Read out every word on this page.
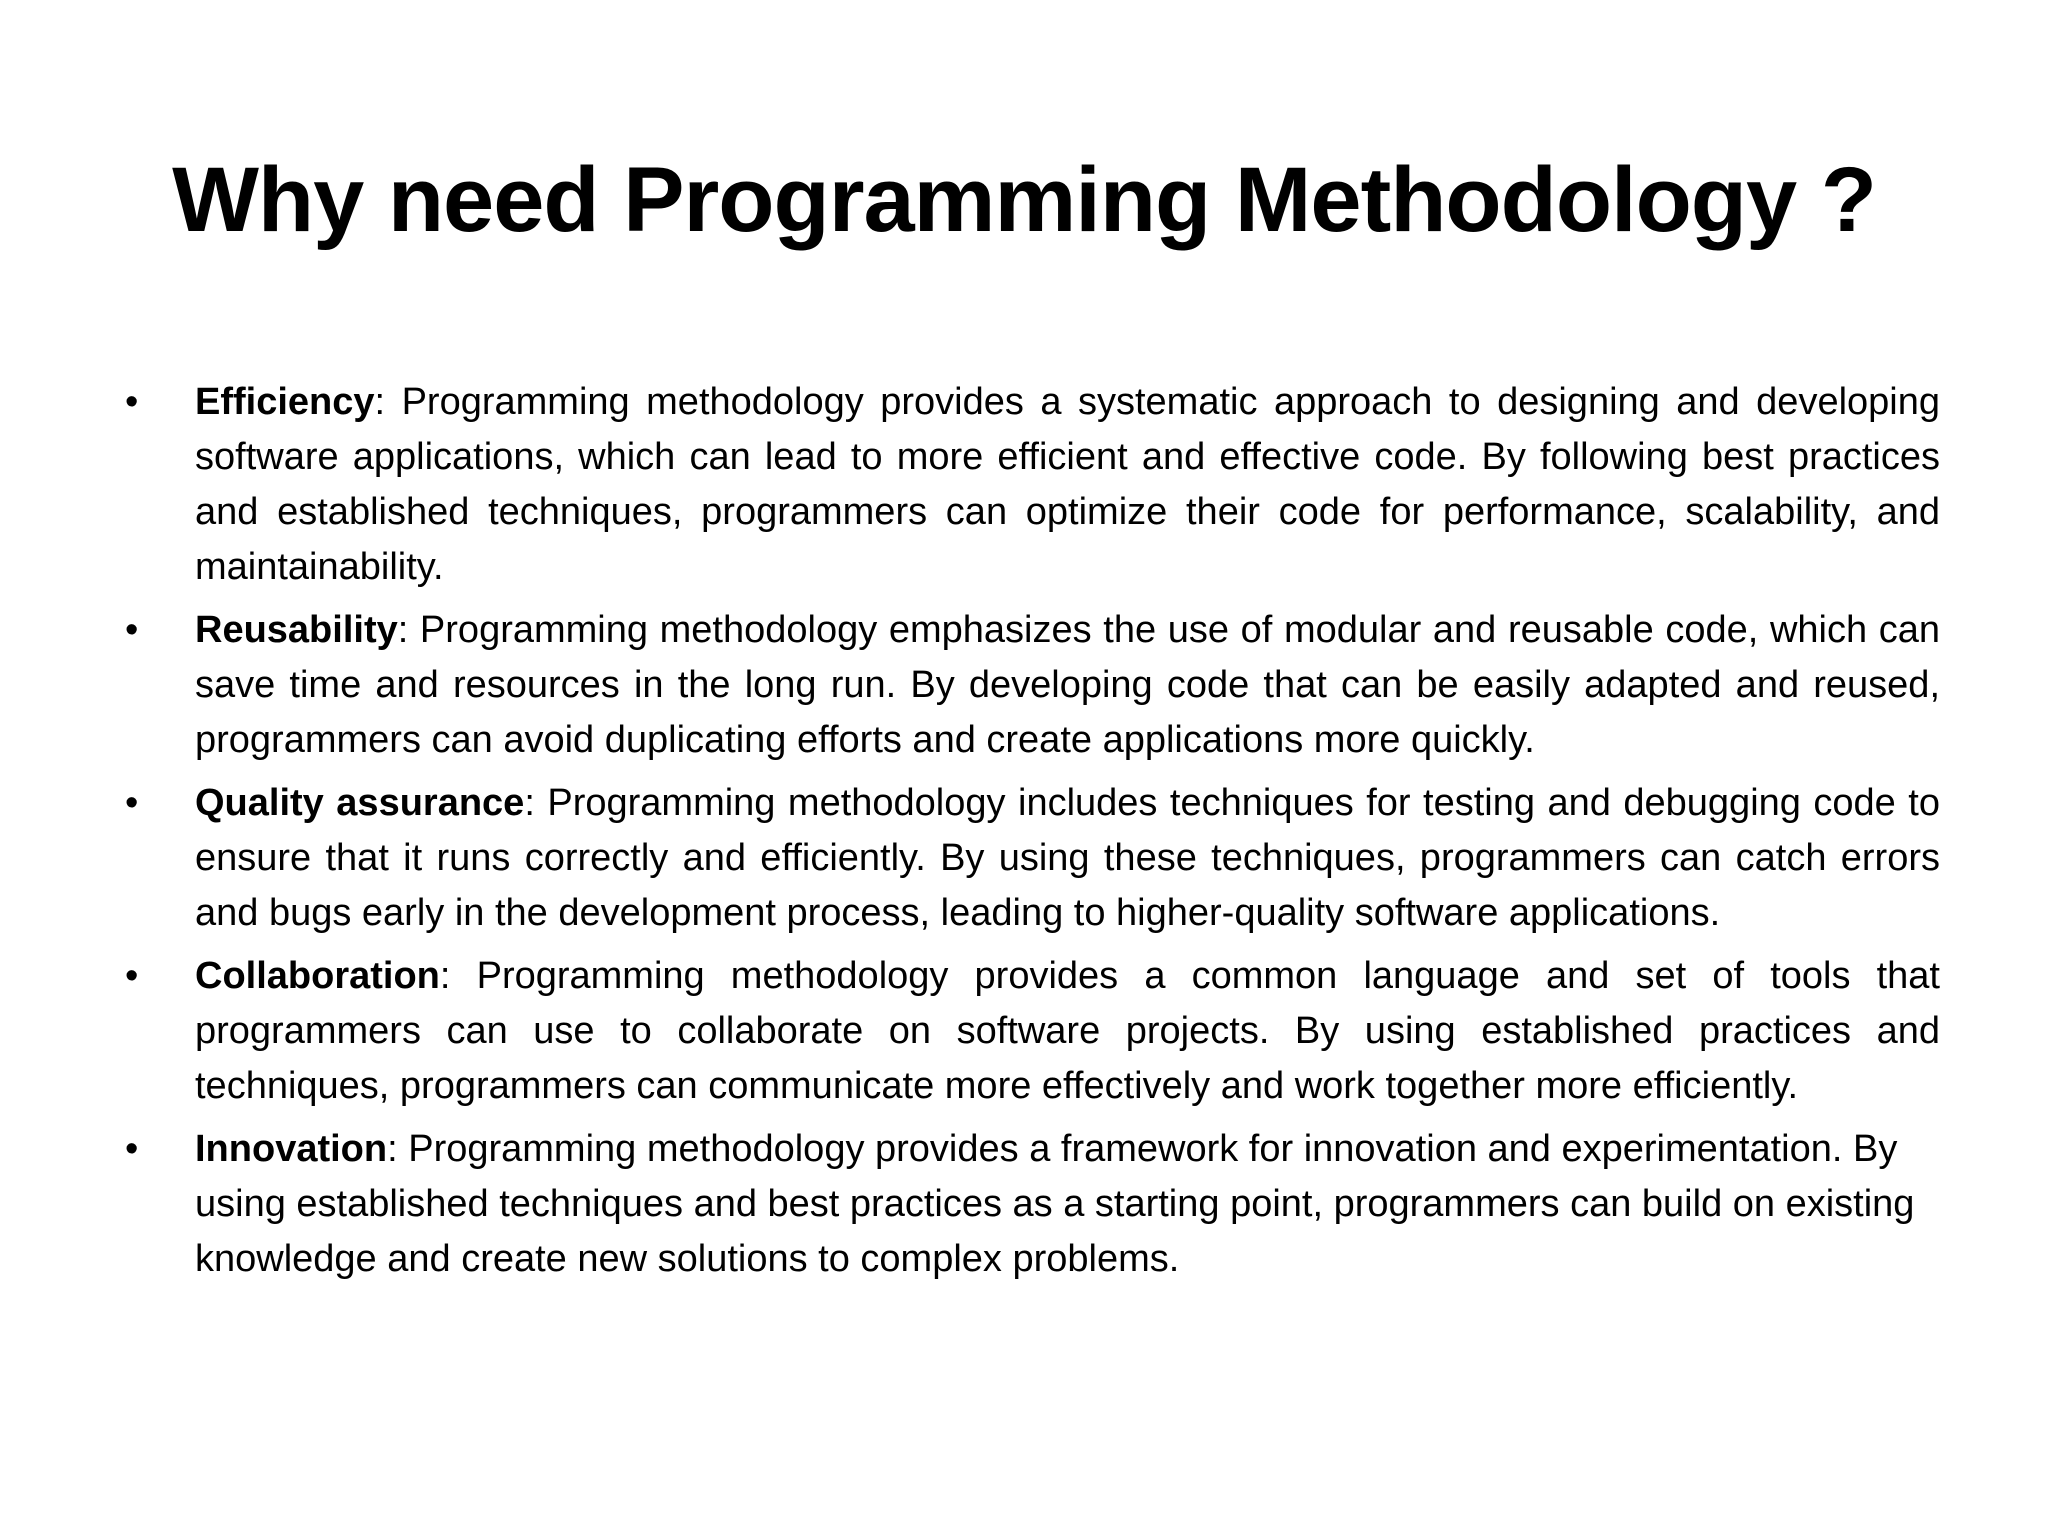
Why need Programming Methodology ?
• Efficiency: Programming methodology provides a systematic approach to designing and developing software applications, which can lead to more efficient and effective code. By following best practices and established techniques, programmers can optimize their code for performance, scalability, and maintainability.
• Reusability: Programming methodology emphasizes the use of modular and reusable code, which can save time and resources in the long run. By developing code that can be easily adapted and reused, programmers can avoid duplicating efforts and create applications more quickly.
• Quality assurance: Programming methodology includes techniques for testing and debugging code to ensure that it runs correctly and efficiently. By using these techniques, programmers can catch errors and bugs early in the development process, leading to higher-quality software applications.
• Collaboration: Programming methodology provides a common language and set of tools that programmers can use to collaborate on software projects. By using established practices and techniques, programmers can communicate more effectively and work together more efficiently.
• Innovation: Programming methodology provides a framework for innovation and experimentation. By using established techniques and best practices as a starting point, programmers can build on existing knowledge and create new solutions to complex problems.
